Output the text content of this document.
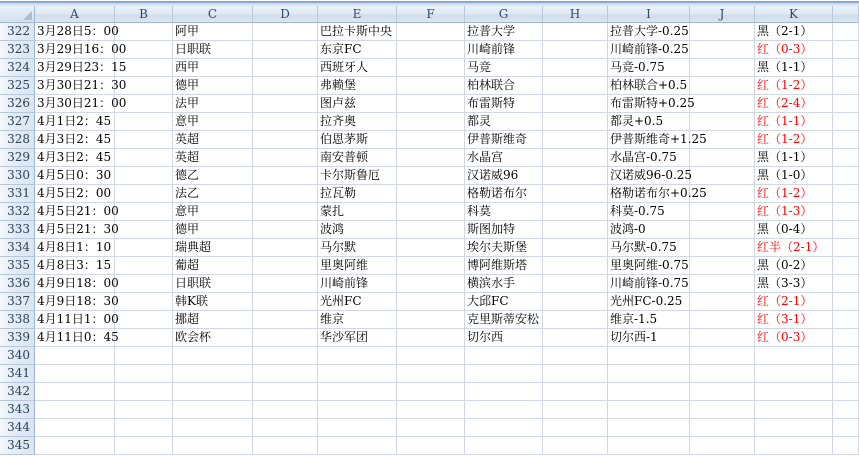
	A	B	C	D	E	F	G	H	I	J	K	
322	3月28日5：00		阿甲		巴拉卡斯中央		拉普大学		拉普大学-0.25		黑（2-1）	
323	3月29日16：00		日职联		东京FC		川崎前锋		川崎前锋-0.25		红（0-3）	
324	3月29日23：15		西甲		西班牙人		马竞		马竞-0.75		黑（1-1）	
325	3月30日21：30		德甲		弗赖堡		柏林联合		柏林联合+0.5		红（1-2）	
326	3月30日21：00		法甲		图卢兹		布雷斯特		布雷斯特+0.25		红（2-4）	
327	4月1日2：45		意甲		拉齐奥		都灵		都灵+0.5		红（1-1）	
328	4月3日2：45		英超		伯恩茅斯		伊普斯维奇		伊普斯维奇+1.25		红（1-2）	
329	4月3日2：45		英超		南安普顿		水晶宫		水晶宫-0.75		黑（1-1）	
330	4月5日0：30		德乙		卡尔斯鲁厄		汉诺威96		汉诺威96-0.25		黑（1-0）	
331	4月5日2：00		法乙		拉瓦勒		格勒诺布尔		格勒诺布尔+0.25		红（1-2）	
332	4月5日21：00		意甲		蒙扎		科莫		科莫-0.75		红（1-3）	
333	4月5日21：30		德甲		波鸿		斯图加特		波鸿-0		黑（0-4）	
334	4月8日1：10		瑞典超		马尔默		埃尔夫斯堡		马尔默-0.75		红半（2-1）	
335	4月8日3：15		葡超		里奥阿维		博阿维斯塔		里奥阿维-0.75		黑（0-2）	
336	4月9日18：00		日职联		川崎前锋		横滨水手		川崎前锋-0.75		黑（3-3）	
337	4月9日18：30		韩K联		光州FC		大邱FC		光州FC-0.25		红（2-1）	
338	4月11日1：00		挪超		维京		克里斯蒂安松		维京-1.5		红（3-1）	
339	4月11日0：45		欧会杯		华沙军团		切尔西		切尔西-1		红（0-3）	
340												
341												
342												
343												
344												
345												
